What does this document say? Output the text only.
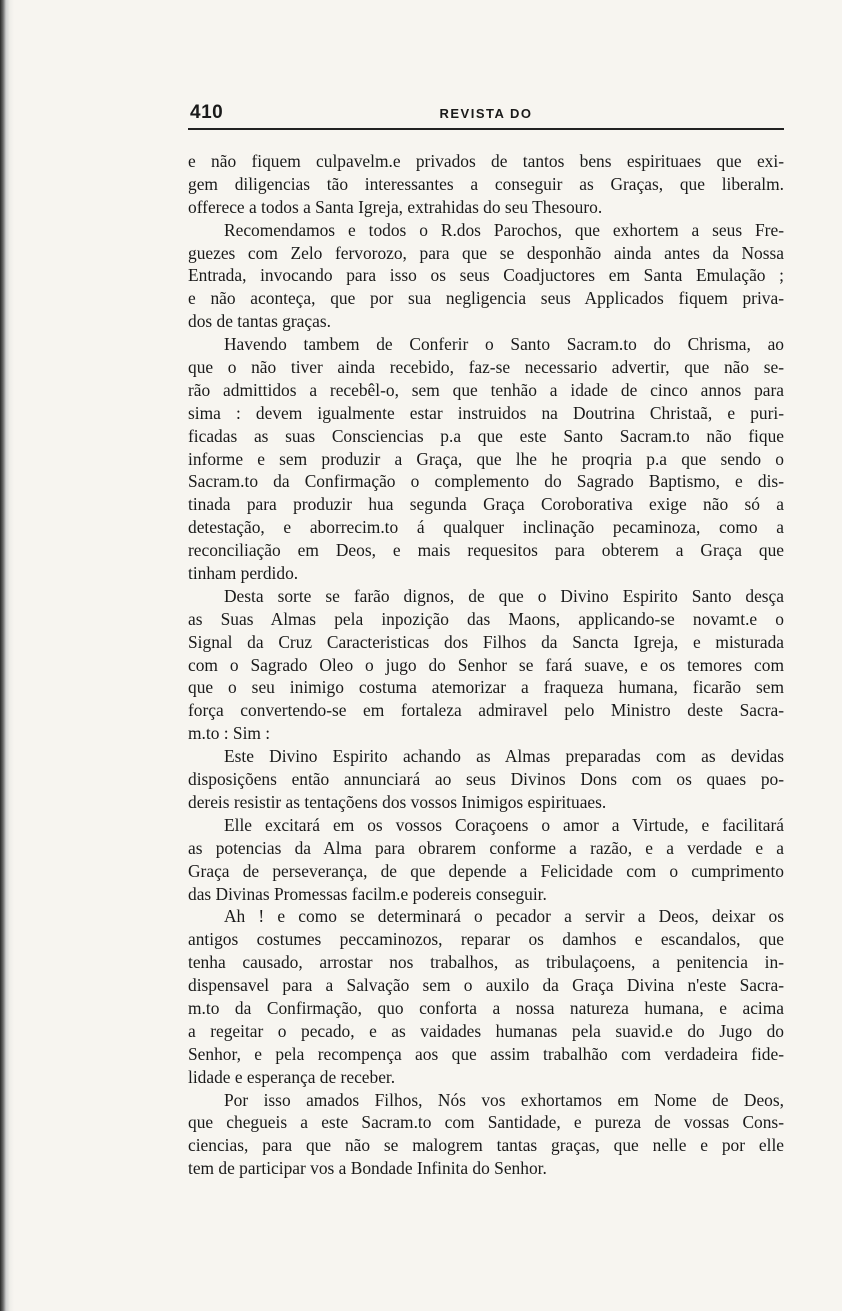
410	REVISTA DO
e não fiquem culpavelm.e privados de tantos bens espirituaes que exi-
gem diligencias tão interessantes a conseguir as Graças, que liberalm.
offerece a todos a Santa Igreja, extrahidas do seu Thesouro.
Recomendamos e todos o R.dos Parochos, que exhortem a seus Fre-
guezes com Zelo fervorozo, para que se desponhão ainda antes da Nossa
Entrada, invocando para isso os seus Coadjuctores em Santa Emulação ;
e não aconteça, que por sua negligencia seus Applicados fiquem priva-
dos de tantas graças.
Havendo tambem de Conferir o Santo Sacram.to do Chrisma, ao
que o não tiver ainda recebido, faz-se necessario advertir, que não se-
rão admittidos a recebêl-o, sem que tenhão a idade de cinco annos para
sima : devem igualmente estar instruidos na Doutrina Christaã, e puri-
ficadas as suas Consciencias p.a que este Santo Sacram.to não fique
informe e sem produzir a Graça, que lhe he proqria p.a que sendo o
Sacram.to da Confirmação o complemento do Sagrado Baptismo, e dis-
tinada para produzir hua segunda Graça Coroborativa exige não só a
detestação, e aborrecim.to á qualquer inclinação pecaminoza, como a
reconciliação em Deos, e mais requesitos para obterem a Graça que
tinham perdido.
Desta sorte se farão dignos, de que o Divino Espirito Santo desça
as Suas Almas pela inpozição das Maons, applicando-se novamt.e o
Signal da Cruz Caracteristicas dos Filhos da Sancta Igreja, e misturada
com o Sagrado Oleo o jugo do Senhor se fará suave, e os temores com
que o seu inimigo costuma atemorizar a fraqueza humana, ficarão sem
força convertendo-se em fortaleza admiravel pelo Ministro deste Sacra-
m.to : Sim :
Este Divino Espirito achando as Almas preparadas com as devidas
disposiçõens então annunciará ao seus Divinos Dons com os quaes po-
dereis resistir as tentaçõens dos vossos Inimigos espirituaes.
Elle excitará em os vossos Coraçoens o amor a Virtude, e facilitará
as potencias da Alma para obrarem conforme a razão, e a verdade e a
Graça de perseverança, de que depende a Felicidade com o cumprimento
das Divinas Promessas facilm.e podereis conseguir.
Ah ! e como se determinará o pecador a servir a Deos, deixar os
antigos costumes peccaminozos, reparar os damhos e escandalos, que
tenha causado, arrostar nos trabalhos, as tribulaçoens, a penitencia in-
dispensavel para a Salvação sem o auxilo da Graça Divina n'este Sacra-
m.to da Confirmação, quo conforta a nossa natureza humana, e acima
a regeitar o pecado, e as vaidades humanas pela suavid.e do Jugo do
Senhor, e pela recompença aos que assim trabalhão com verdadeira fide-
lidade e esperança de receber.
Por isso amados Filhos, Nós vos exhortamos em Nome de Deos,
que chegueis a este Sacram.to com Santidade, e pureza de vossas Cons-
ciencias, para que não se malogrem tantas graças, que nelle e por elle
tem de participar vos a Bondade Infinita do Senhor.
